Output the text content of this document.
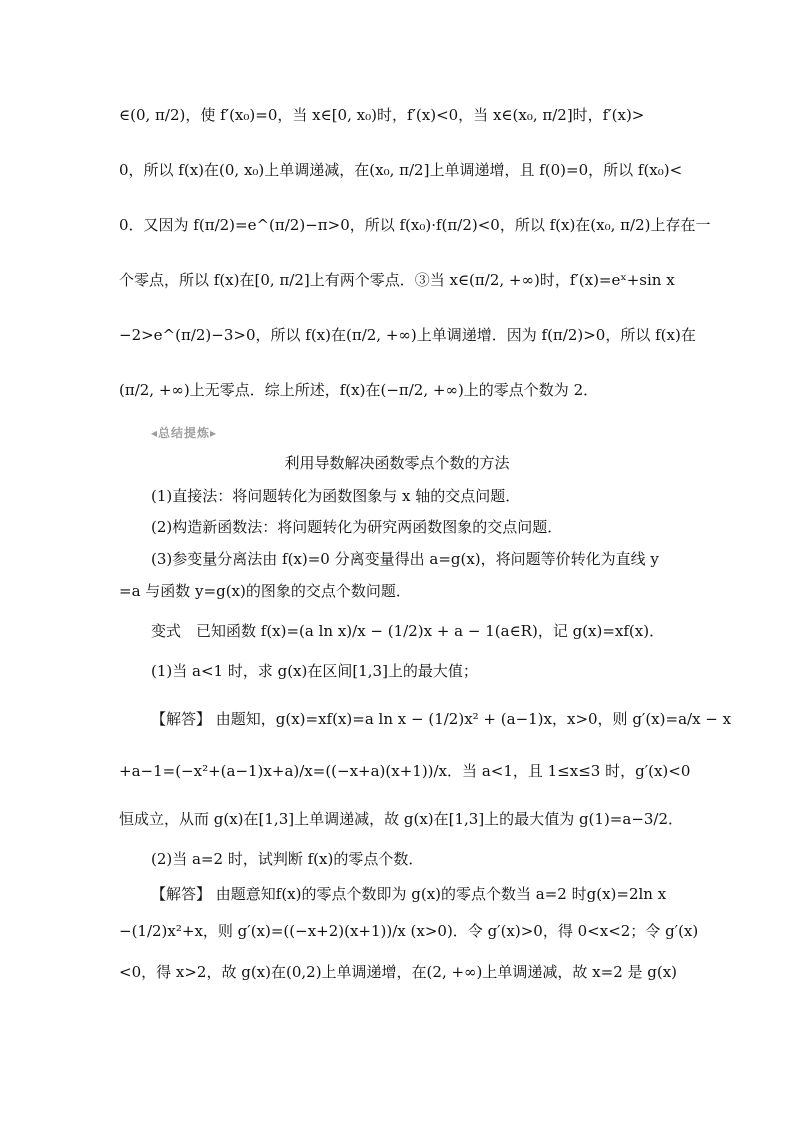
∈(0, π/2)，使 f′(x₀)=0，当 x∈[0, x₀)时，f′(x)<0，当 x∈(x₀, π/2]时，f′(x)>
0，所以 f(x)在(0, x₀)上单调递减，在(x₀, π/2]上单调递增，且 f(0)=0，所以 f(x₀)<
0．又因为 f(π/2)=e^(π/2)−π>0，所以 f(x₀)·f(π/2)<0，所以 f(x)在(x₀, π/2)上存在一
个零点，所以 f(x)在[0, π/2]上有两个零点．③当 x∈(π/2, +∞)时，f′(x)=eˣ+sin x
−2>e^(π/2)−3>0，所以 f(x)在(π/2, +∞)上单调递增．因为 f(π/2)>0，所以 f(x)在
(π/2, +∞)上无零点．综上所述，f(x)在(−π/2, +∞)上的零点个数为 2．
◂总结提炼▸
利用导数解决函数零点个数的方法
(1)直接法：将问题转化为函数图象与 x 轴的交点问题．
(2)构造新函数法：将问题转化为研究两函数图象的交点问题．
(3)参变量分离法由 f(x)=0 分离变量得出 a=g(x)，将问题等价转化为直线 y
=a 与函数 y=g(x)的图象的交点个数问题．
变式　已知函数 f(x)=(a ln x)/x − (1/2)x + a − 1(a∈R)，记 g(x)=xf(x)．
(1)当 a<1 时，求 g(x)在区间[1,3]上的最大值；
【解答】 由题知，g(x)=xf(x)=a ln x − (1/2)x² + (a−1)x，x>0，则 g′(x)=a/x − x
+a−1=(−x²+(a−1)x+a)/x=((−x+a)(x+1))/x．当 a<1，且 1≤x≤3 时，g′(x)<0
恒成立，从而 g(x)在[1,3]上单调递减，故 g(x)在[1,3]上的最大值为 g(1)=a−3/2．
(2)当 a=2 时，试判断 f(x)的零点个数．
【解答】 由题意知f(x)的零点个数即为 g(x)的零点个数当 a=2 时g(x)=2ln x
−(1/2)x²+x，则 g′(x)=((−x+2)(x+1))/x (x>0)．令 g′(x)>0，得 0<x<2；令 g′(x)
<0，得 x>2，故 g(x)在(0,2)上单调递增，在(2, +∞)上单调递减，故 x=2 是 g(x)
